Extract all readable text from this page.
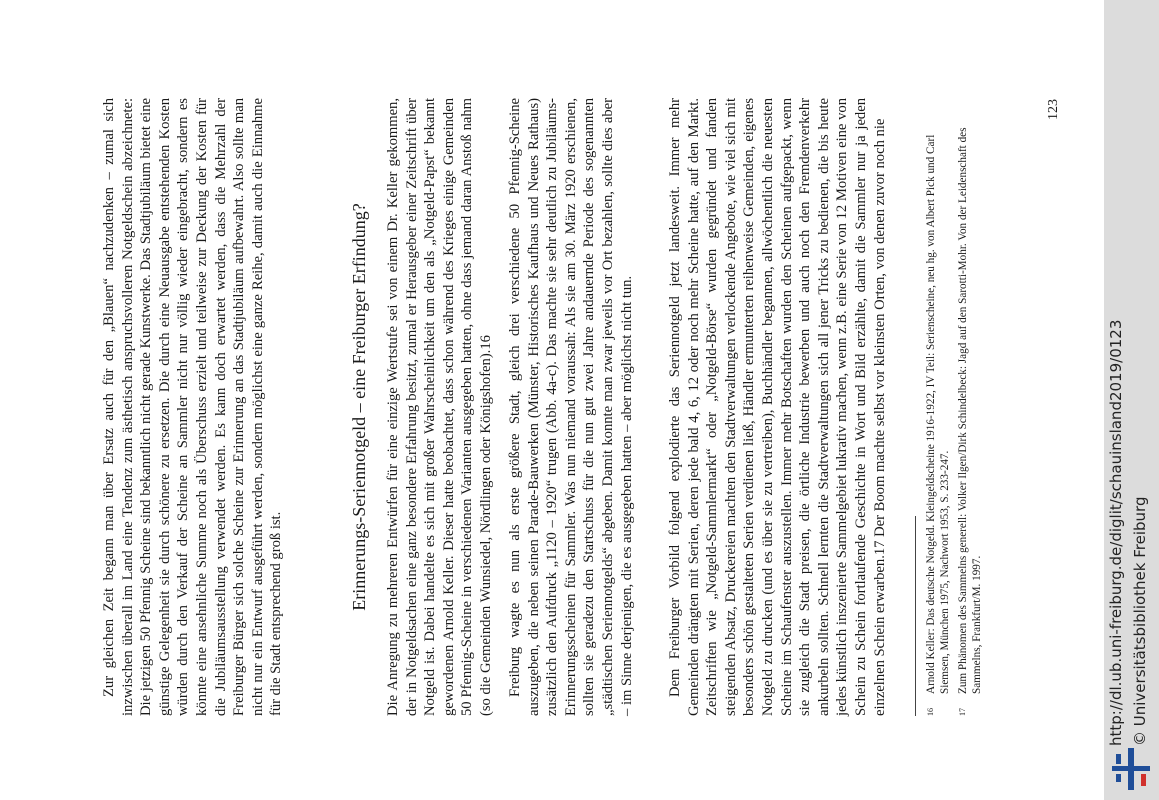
Zur gleichen Zeit begann man über Ersatz auch für den „Blauen“ nachzudenken – zumal sich inzwischen überall im Land eine Tendenz zum ästhetisch anspruchsvolleren Notgeldschein abzeichnete: Die jetzigen 50 Pfennig Scheine sind bekanntlich nicht gerade Kunstwerke. Das Stadtjubiläum bietet eine günstige Gelegenheit sie durch schönere zu ersetzen. Die durch eine Neuausgabe entstehenden Kosten würden durch den Verkauf der Scheine an Sammler nicht nur völlig wieder eingebracht, sondern es könnte eine ansehnliche Summe noch als Überschuss erzielt und teilweise zur Deckung der Kosten für die Jubiläumsausstellung verwendet werden. Es kann doch erwartet werden, dass die Mehrzahl der Freiburger Bürger sich solche Scheine zur Erinnerung an das Stadtjubiläum aufbewahrt. Also sollte man nicht nur ein Entwurf ausgeführt werden, sondern möglichst eine ganze Reihe, damit auch die Einnahme für die Stadt entsprechend groß ist.

Erinnerungs-Seriennotgeld – eine Freiburger Erfindung? Die Anregung zu mehreren Entwürfen für eine einzige Wertstufe sei von einem Dr. Keller gekommen, der in Notgeldsachen eine ganz besondere Erfahrung besitzt, zumal er Herausgeber einer Zeitschrift über Notgeld ist. Dabei handelte es sich mit großer Wahrscheinlichkeit um den als „Notgeld-Papst“ bekannt gewordenen Arnold Keller. Dieser hatte beobachtet, dass schon während des Krieges einige Gemeinden 50 Pfennig-Scheine in verschiedenen Varianten ausgegeben hatten, ohne dass jemand daran Anstoß nahm (so die Gemeinden Wunsiedel, Nördlingen oder Königshofen).16 Freiburg wagte es nun als erste größere Stadt, gleich drei verschiedene 50 Pfennig-Scheine auszugeben, die neben seinen Parade-Bauwerken (Münster, Historisches Kaufhaus und Neues Rathaus) zusätzlich den Aufdruck „1120 – 1920“ trugen (Abb. 4a-c). Das machte sie sehr deutlich zu Jubiläums-Erinnerungsscheinen für Sammler. Was nun niemand voraussah: Als sie am 30. März 1920 erschienen, sollten sie geradezu den Startschuss für die nun gut zwei Jahre andauernde Periode des sogenannten „städtischen Seriennotgelds“ abgeben. Damit konnte man zwar jeweils vor Ort bezahlen, sollte dies aber – im Sinne derjenigen, die es ausgegeben hatten – aber möglichst nicht tun. Dem Freiburger Vorbild folgend explodierte das Seriennotgeld jetzt landesweit. Immer mehr Gemeinden drängten mit Serien, deren jede bald 4, 6, 12 oder noch mehr Scheine hatte, auf den Markt. Zeitschriften wie „Notgeld-Sammlermarkt“ oder „Notgeld-Börse“ wurden gegründet und fanden steigenden Absatz, Druckereien machten den Stadtverwaltungen verlockende Angebote, wie viel sich mit besonders schön gestalteten Serien verdienen ließ, Händler ermunterten reihenweise Gemeinden, eigenes Notgeld zu drucken (und es über sie zu vertreiben), Buchhändler begannen, allwöchentlich die neuesten Scheine im Schaufenster auszustellen. Immer mehr Botschaften wurden den Scheinen aufgepackt, wenn sie zugleich die Stadt preisen, die örtliche Industrie bewerben und auch noch den Fremdenverkehr ankurbeln sollten. Schnell lernten die Stadtverwaltungen sich all jener Tricks zu bedienen, die bis heute jedes künstlich inszenierte Sammelgebiet lukrativ machen, wenn z.B. eine Serie von 12 Motiven eine von Schein zu Schein fortlaufende Geschichte in Wort und Bild erzählte, damit die Sammler nur ja jeden einzelnen Schein erwarben.17 Der Boom machte selbst vor kleinsten Orten, von denen zuvor noch nie	16Arnold Keller: Das deutsche Notgeld. Kleingeldscheine 1916-1922, IV Teil: Serienscheine, neu hg. von Albert Pick und Carl Siemsen, München 1975, Nachwort 1953, S. 233-247.

17Zum Phänomen des Sammelns generell: Volker Ilgen/Dirk Schindelbeck: Jagd auf den Sarotti-Mohr. Von der Leidenschaft des Sammelns, Frankfurt/M. 1997.

123
http://dl.ub.uni-freiburg.de/diglit/schauinsland2019/0123 © Universitätsbibliothek Freiburg
